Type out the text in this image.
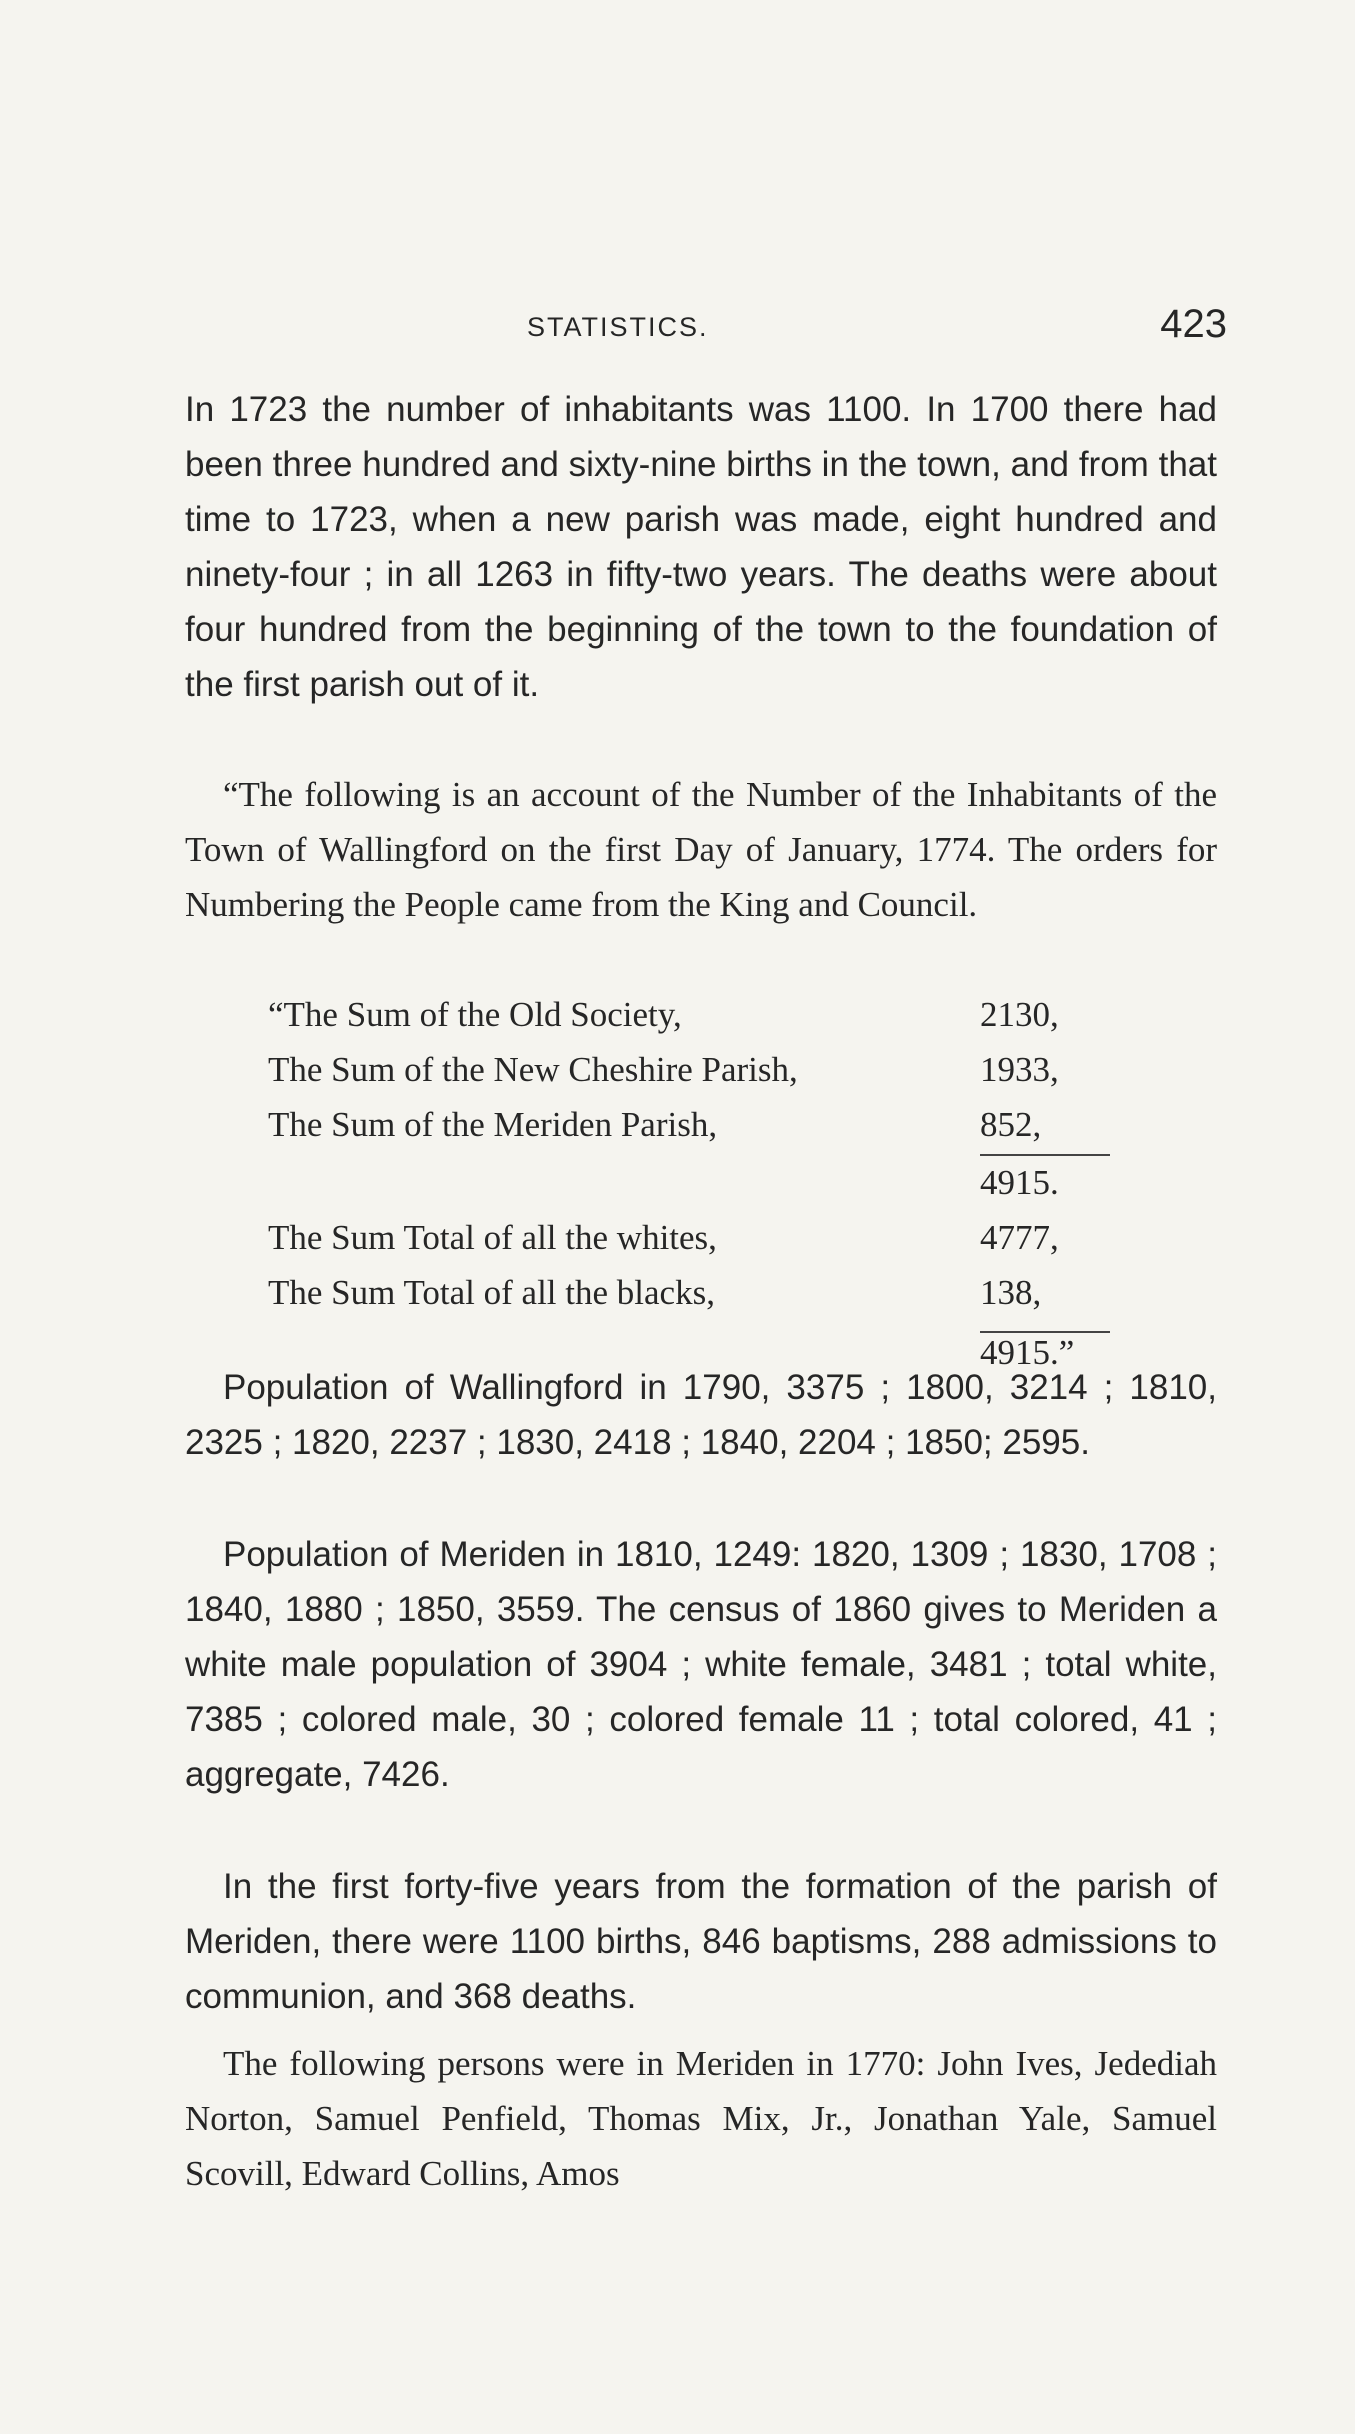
STATISTICS.	423

In 1723 the number of inhabitants was 1100. In 1700 there had been three hundred and sixty-nine births in the town, and from that time to 1723, when a new parish was made, eight hundred and ninety-four ; in all 1263 in fifty-two years. The deaths were about four hundred from the beginning of the town to the foundation of the first parish out of it.

“The following is an account of the Number of the Inhabitants of the Town of Wallingford on the first Day of January, 1774. The orders for Numbering the People came from the King and Council.

“The Sum of the Old Society,	2130,
The Sum of the New Cheshire Parish,	1933,
The Sum of the Meriden Parish,	852,
4915.
The Sum Total of all the whites,	4777,
The Sum Total of all the blacks,	138,
4915.”

Population of Wallingford in 1790, 3375 ; 1800, 3214 ; 1810, 2325 ; 1820, 2237 ; 1830, 2418 ; 1840, 2204 ; 1850; 2595.

Population of Meriden in 1810, 1249: 1820, 1309 ; 1830, 1708 ; 1840, 1880 ; 1850, 3559. The census of 1860 gives to Meriden a white male population of 3904 ; white female, 3481 ; total white, 7385 ; colored male, 30 ; colored female 11 ; total colored, 41 ; aggregate, 7426.

In the first forty-five years from the formation of the parish of Meriden, there were 1100 births, 846 baptisms, 288 admissions to communion, and 368 deaths.

The following persons were in Meriden in 1770: John Ives, Jedediah Norton, Samuel Penfield, Thomas Mix, Jr., Jonathan Yale, Samuel Scovill, Edward Collins, Amos
